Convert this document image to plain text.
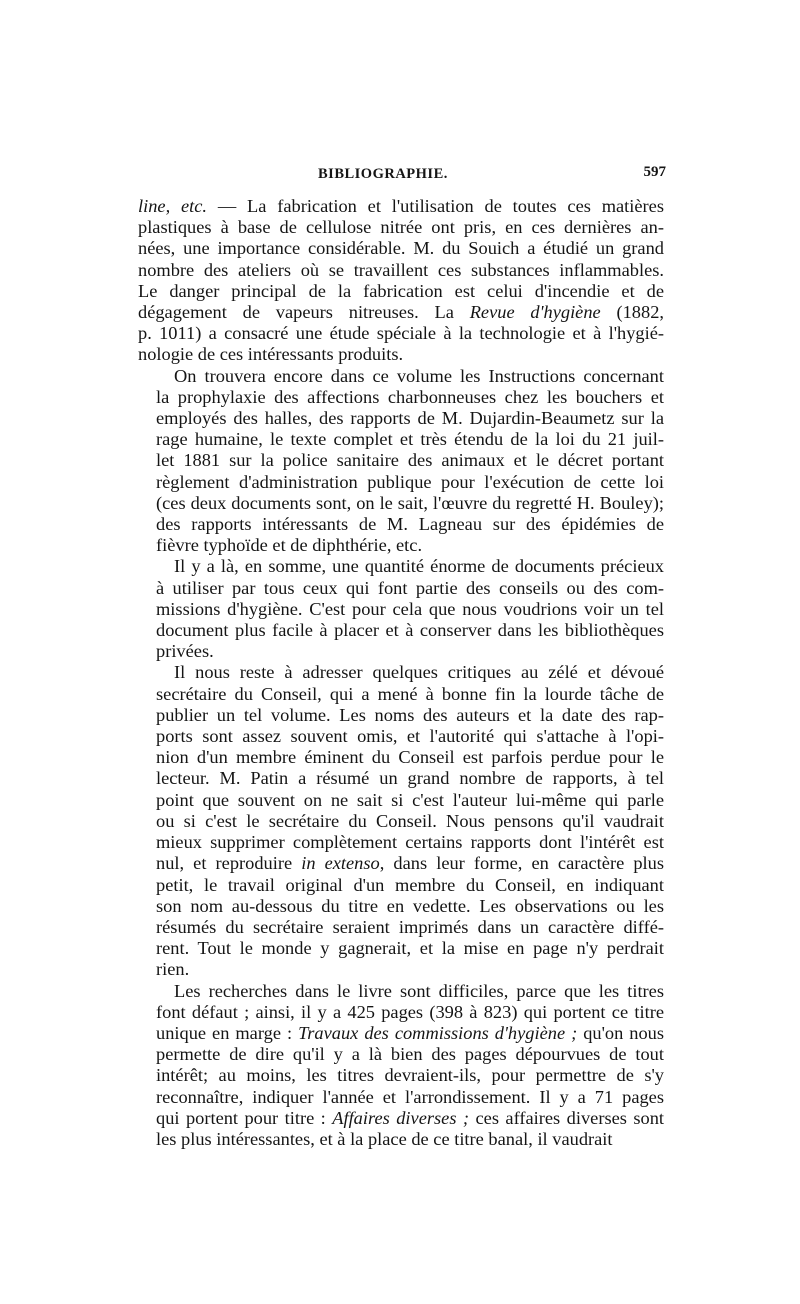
BIBLIOGRAPHIE.	597
line, etc. — La fabrication et l'utilisation de toutes ces matières
plastiques à base de cellulose nitrée ont pris, en ces dernières an-
nées, une importance considérable. M. du Souich a étudié un grand
nombre des ateliers où se travaillent ces substances inflammables.
Le danger principal de la fabrication est celui d'incendie et de
dégagement de vapeurs nitreuses. La Revue d'hygiène (1882,
p. 1011) a consacré une étude spéciale à la technologie et à l'hygié-
nologie de ces intéressants produits.
On trouvera encore dans ce volume les Instructions concernant
la prophylaxie des affections charbonneuses chez les bouchers et
employés des halles, des rapports de M. Dujardin-Beaumetz sur la
rage humaine, le texte complet et très étendu de la loi du 21 juil-
let 1881 sur la police sanitaire des animaux et le décret portant
règlement d'administration publique pour l'exécution de cette loi
(ces deux documents sont, on le sait, l'œuvre du regretté H. Bouley);
des rapports intéressants de M. Lagneau sur des épidémies de
fièvre typhoïde et de diphthérie, etc.
Il y a là, en somme, une quantité énorme de documents précieux
à utiliser par tous ceux qui font partie des conseils ou des com-
missions d'hygiène. C'est pour cela que nous voudrions voir un tel
document plus facile à placer et à conserver dans les bibliothèques
privées.
Il nous reste à adresser quelques critiques au zélé et dévoué
secrétaire du Conseil, qui a mené à bonne fin la lourde tâche de
publier un tel volume. Les noms des auteurs et la date des rap-
ports sont assez souvent omis, et l'autorité qui s'attache à l'opi-
nion d'un membre éminent du Conseil est parfois perdue pour le
lecteur. M. Patin a résumé un grand nombre de rapports, à tel
point que souvent on ne sait si c'est l'auteur lui-même qui parle
ou si c'est le secrétaire du Conseil. Nous pensons qu'il vaudrait
mieux supprimer complètement certains rapports dont l'intérêt est
nul, et reproduire in extenso, dans leur forme, en caractère plus
petit, le travail original d'un membre du Conseil, en indiquant
son nom au-dessous du titre en vedette. Les observations ou les
résumés du secrétaire seraient imprimés dans un caractère diffé-
rent. Tout le monde y gagnerait, et la mise en page n'y perdrait
rien.
Les recherches dans le livre sont difficiles, parce que les titres
font défaut ; ainsi, il y a 425 pages (398 à 823) qui portent ce titre
unique en marge : Travaux des commissions d'hygiène ; qu'on nous
permette de dire qu'il y a là bien des pages dépourvues de tout
intérêt; au moins, les titres devraient-ils, pour permettre de s'y
reconnaître, indiquer l'année et l'arrondissement. Il y a 71 pages
qui portent pour titre : Affaires diverses ; ces affaires diverses sont
les plus intéressantes, et à la place de ce titre banal, il vaudrait
